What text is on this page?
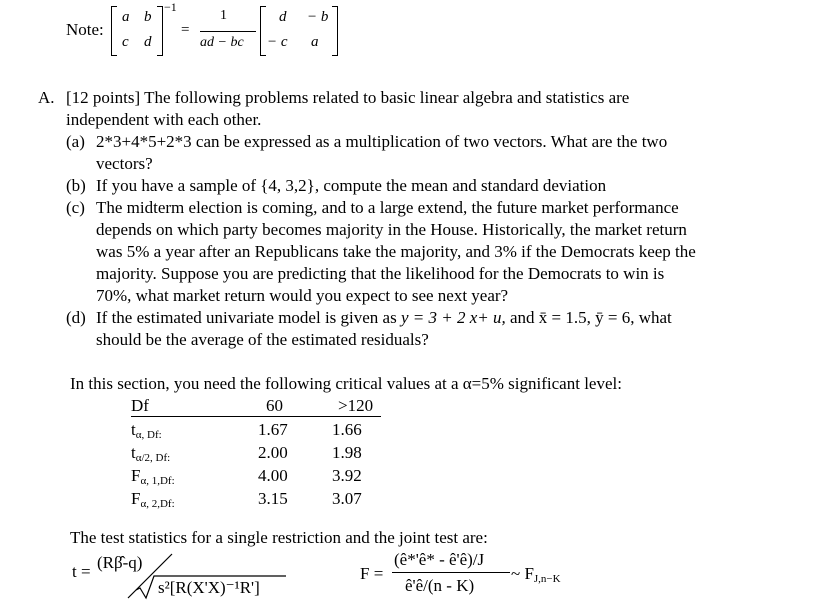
Note:
a b
c d
−1
=
1
ad − bc
d − b
− c a
A. [12 points] The following problems related to basic linear algebra and statistics are
independent with each other.
(a) 2*3+4*5+2*3 can be expressed as a multiplication of two vectors. What are the two
vectors?
(b) If you have a sample of {4, 3,2}, compute the mean and standard deviation
(c) The midterm election is coming, and to a large extend, the future market performance
depends on which party becomes majority in the House. Historically, the market return
was 5% a year after an Republicans take the majority, and 3% if the Democrats keep the
majority. Suppose you are predicting that the likelihood for the Democrats to win is
70%, what market return would you expect to see next year?
(d) If the estimated univariate model is given as y = 3 + 2 x+ u, and x̄ = 1.5, ȳ = 6, what
should be the average of the estimated residuals?
In this section, you need the following critical values at a α=5% significant level:
Df	60	>120
tα, Df:	1.67	1.66
tα/2, Df:	2.00	1.98
Fα, 1,Df:	4.00	3.92
Fα, 2,Df:	3.15	3.07
The test statistics for a single restriction and the joint test are:
t = (Rβ̂-q)
s²[R(X'X)⁻¹R']
F =
(ê*'ê* - ê'ê)/J
ê'ê/(n - K)
~ FJ,n−K
